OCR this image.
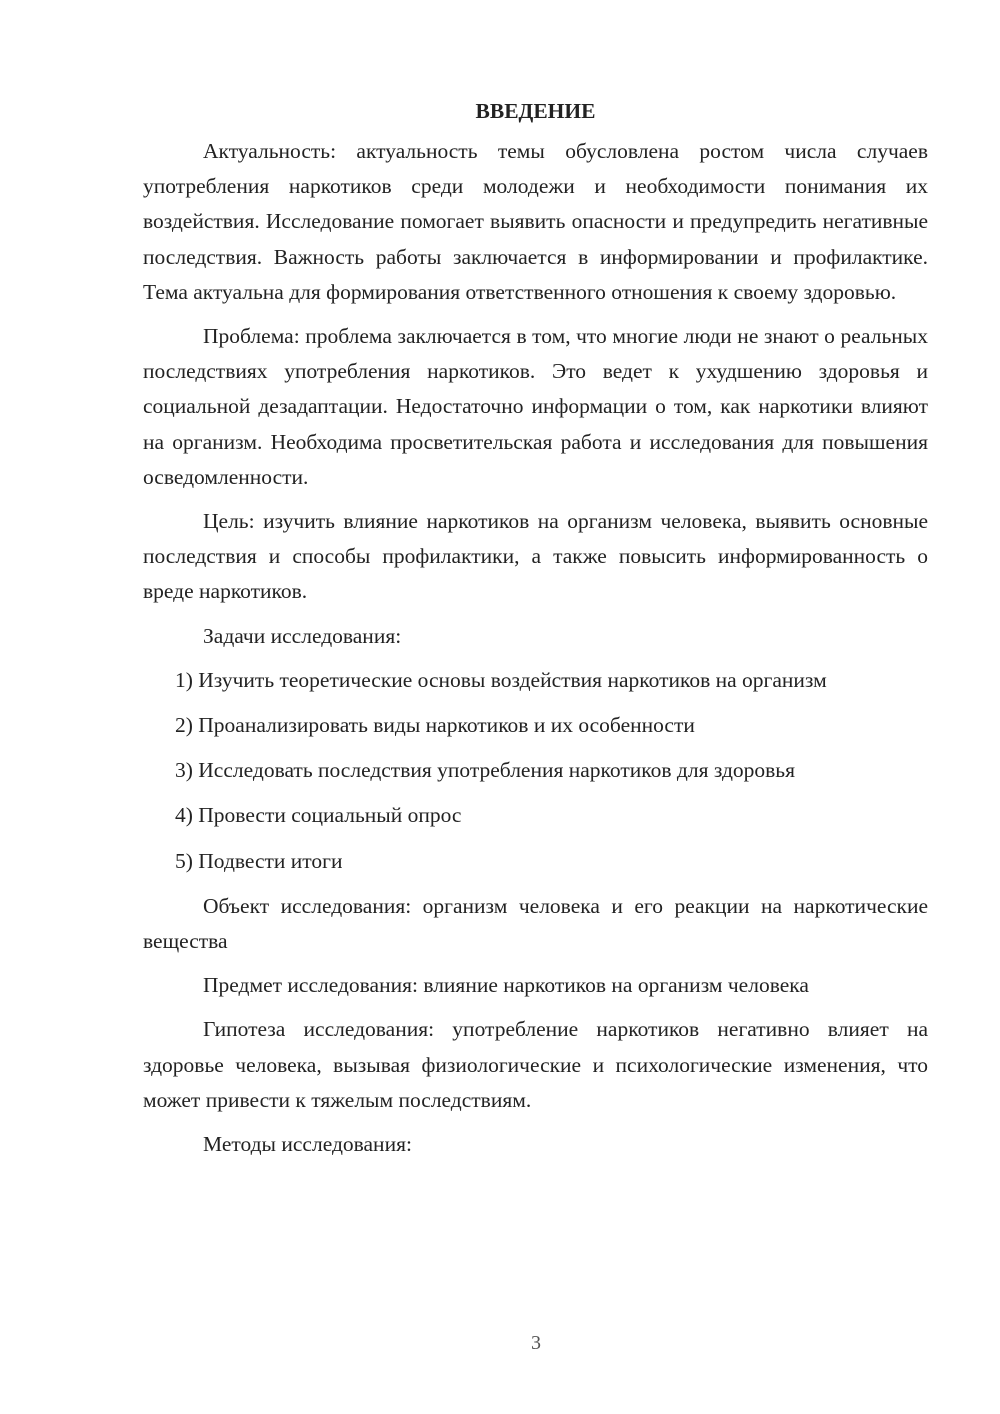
ВВЕДЕНИЕ

Актуальность: актуальность темы обусловлена ростом числа случаев употребления наркотиков среди молодежи и необходимости понимания их воздействия. Исследование помогает выявить опасности и предупредить негативные последствия. Важность работы заключается в информировании и профилактике. Тема актуальна для формирования ответственного отношения к своему здоровью.

Проблема: проблема заключается в том, что многие люди не знают о реальных последствиях употребления наркотиков. Это ведет к ухудшению здоровья и социальной дезадаптации. Недостаточно информации о том, как наркотики влияют на организм. Необходима просветительская работа и исследования для повышения осведомленности.

Цель: изучить влияние наркотиков на организм человека, выявить основные последствия и способы профилактики, а также повысить информированность о вреде наркотиков.

Задачи исследования:

1) Изучить теоретические основы воздействия наркотиков на организм

2) Проанализировать виды наркотиков и их особенности

3) Исследовать последствия употребления наркотиков для здоровья

4) Провести социальный опрос

5) Подвести итоги

Объект исследования: организм человека и его реакции на наркотические вещества

Предмет исследования: влияние наркотиков на организм человека

Гипотеза исследования: употребление наркотиков негативно влияет на здоровье человека, вызывая физиологические и психологические изменения, что может привести к тяжелым последствиям.

Методы исследования:

3
